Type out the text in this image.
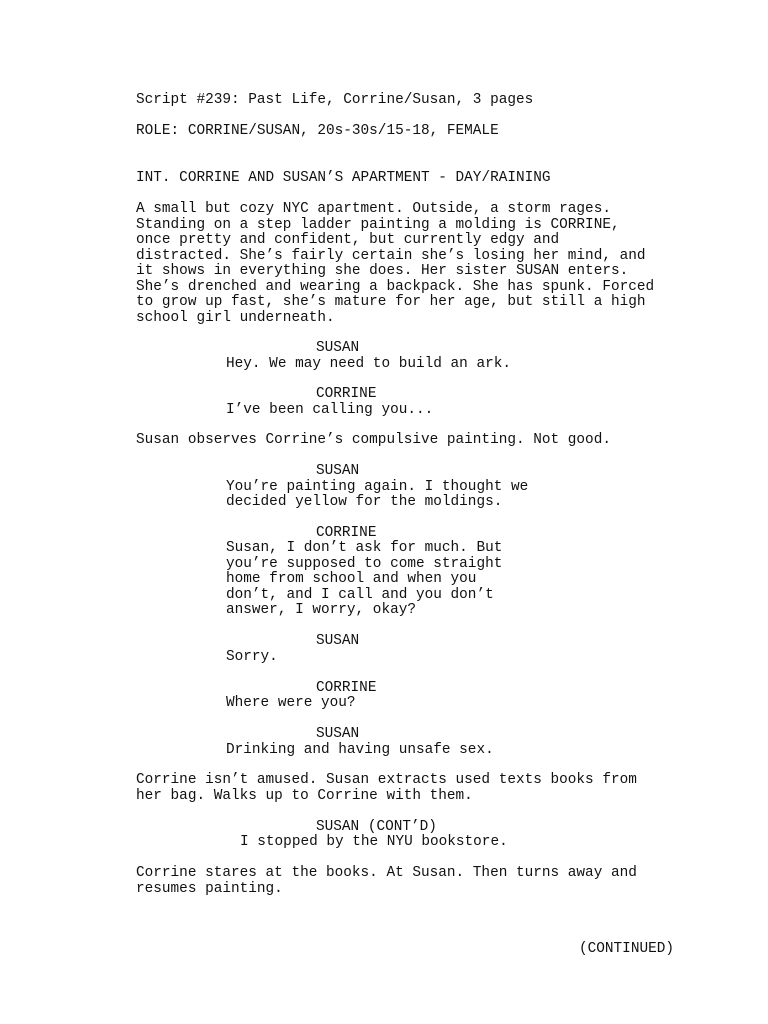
Script #239: Past Life, Corrine/Susan, 3 pages
ROLE: CORRINE/SUSAN, 20s-30s/15-18, FEMALE
INT. CORRINE AND SUSAN’S APARTMENT - DAY/RAINING
A small but cozy NYC apartment. Outside, a storm rages.
Standing on a step ladder painting a molding is CORRINE,
once pretty and confident, but currently edgy and
distracted. She’s fairly certain she’s losing her mind, and
it shows in everything she does. Her sister SUSAN enters.
She’s drenched and wearing a backpack. She has spunk. Forced
to grow up fast, she’s mature for her age, but still a high
school girl underneath.
SUSAN
Hey. We may need to build an ark.
CORRINE
I’ve been calling you...
Susan observes Corrine’s compulsive painting. Not good.
SUSAN
You’re painting again. I thought we
decided yellow for the moldings.
CORRINE
Susan, I don’t ask for much. But
you’re supposed to come straight
home from school and when you
don’t, and I call and you don’t
answer, I worry, okay?
SUSAN
Sorry.
CORRINE
Where were you?
SUSAN
Drinking and having unsafe sex.
Corrine isn’t amused. Susan extracts used texts books from
her bag. Walks up to Corrine with them.
SUSAN (CONT’D)
I stopped by the NYU bookstore.
Corrine stares at the books. At Susan. Then turns away and
resumes painting.
(CONTINUED)
